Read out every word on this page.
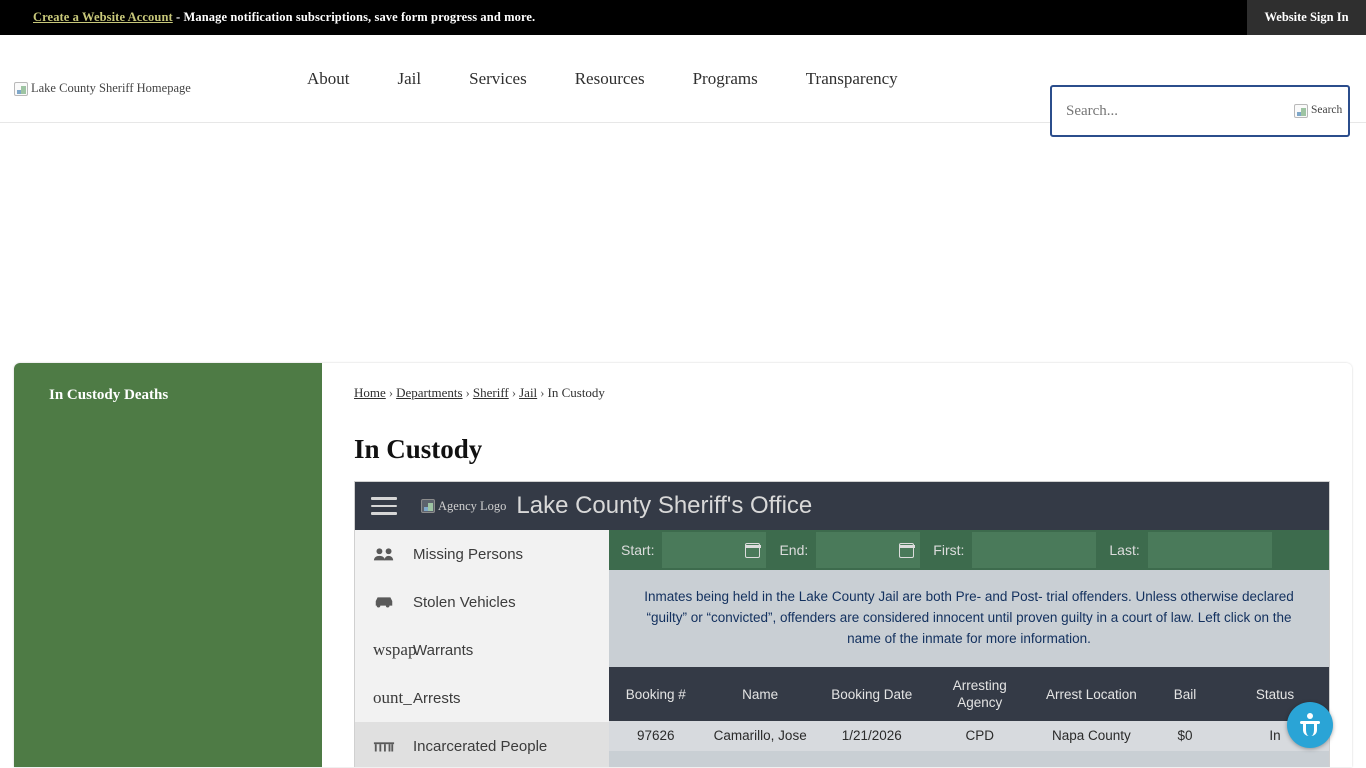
Create a Website Account - Manage notification subscriptions, save form progress and more.	Website Sign In
Lake County Sheriff Homepage	About	Jail	Services	Resources	Programs	Transparency
Search...
Search
In Custody Deaths	Home › Departments › Sheriff › Jail › In Custody
In Custody
Agency Logo Lake County Sheriff's Office
Missing Persons
Stolen Vehicles
wspap
Warrants
ount_ Arrests
Incarcerated People
Start:	End:	First:	Last:
Inmates being held in the Lake County Jail are both Pre- and Post- trial offenders. Unless otherwise declared “guilty” or “convicted”, offenders are considered innocent until proven guilty in a court of law. Left click on the name of the inmate for more information.
Booking #	Name	Booking Date	Arresting Agency	Arrest Location	Bail	Status
97626	Camarillo, Jose	1/21/2026	CPD	Napa County	$0	In
